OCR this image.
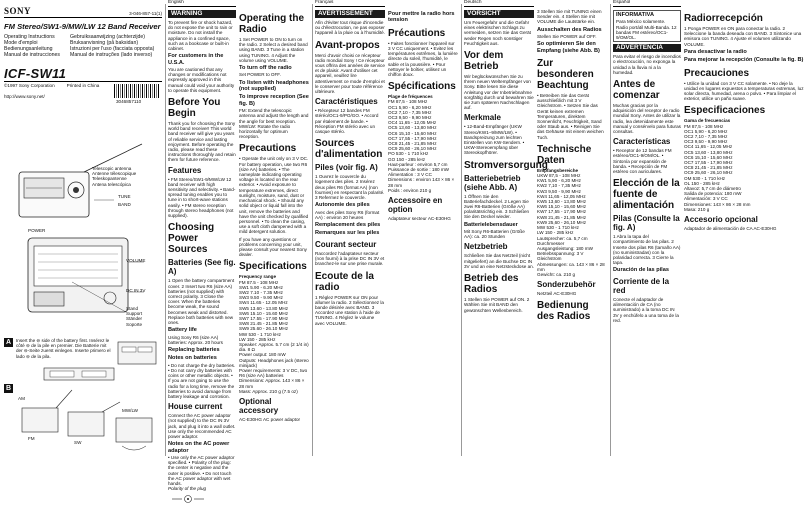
SONY	3-046-857-11(1)
FM Stereo/SW1-9/MW/LW 12 Band Receiver
Operating Instructions
Mode d'emploi
Bedienungsanleitung
Manual de instrucciones
Gebruiksaanwijzing (achterzijde)
Bruksanvisning (på baksidan)
Istruzioni per l'uso (facciata opposta)
Manual de instruções (lado inverso)
ICF-SW11
©1997 Sony Corporation	Printed in China
3046857110
http://www.sony.net/
Telescopic antenna
Antenne télescopique
Teleskopantenne
Antena telescópica
TUNE
BAND
POWER
VOLUME
DC IN 3V
Stand
Support
Ständer
Soporte
A	Insert the ⊖ side of the battery first. Insérez le côté ⊖ de la pile en premier. Die Batterie mit der ⊖-Seite zuerst einlegen. Inserte primero el lado ⊖ de la pila.
B
AM
FM
SW
MW/LW
English
WARNING
To prevent fire or shock hazard, do not expose the unit to rain or moisture. Do not install the appliance in a confined space, such as a bookcase or built-in cabinet.
For customers in the U.S.A.
You are cautioned that any changes or modifications not expressly approved in this manual could void your authority to operate this equipment.
Before You Begin
Thank you for choosing the Sony world band receiver! This world band receiver will give you years of reliable service and lasting enjoyment. Before operating the radio, please read these instructions thoroughly and retain them for future reference.
Features
• FM Stereo/SW1-9/MW/LW 12 band receiver with high sensitivity and selectivity. • Band-spread tuning enables you to tune in to short-wave stations easily. • FM stereo reception through stereo headphones (not supplied).
Choosing Power Sources
Batteries (See fig. A)
1 Open the battery compartment cover. 2 Insert two R6 (size AA) batteries (not supplied) with correct polarity. 3 Close the cover. When the batteries become weak, the sound becomes weak and distorted. Replace both batteries with new ones.
Battery life
Using Sony R6 (size AA) batteries: Approx. 20 hours
Replacing batteries
Notes on batteries
• Do not charge the dry batteries. • Do not carry dry batteries with coins or other metallic objects. • If you are not going to use the radio for a long time, remove the batteries to avoid damage from battery leakage and corrosion.
House current
Connect the AC power adaptor (not supplied) to the DC IN 3V jack, and plug it into a wall outlet. Use only the recommended AC power adaptor.
Notes on the AC power adaptor
• Use only the AC power adaptor specified. • Polarity of the plug: the center is negative and the outer is positive. • Do not touch the AC power adaptor with wet hands.
Polarity of the plug
Operating the Radio
1 Set POWER to ON to turn on the radio. 2 Select a desired band using BAND. 3 Tune in a station using TUNING. 4 Adjust the volume using VOLUME.
To turn off the radio
Set POWER to OFF.
To listen with headphones (not supplied)
To improve reception (See fig. B)
FM: Extend the telescopic antenna and adjust the length and the angle for best reception. MW/LW: Rotate the radio horizontally for optimum reception.
Precautions
• Operate the unit only on 3 V DC. For battery operation, use two R6 (size AA) batteries. • The nameplate indicating operating voltage is located on the rear exterior. • Avoid exposure to temperature extremes, direct sunlight, moisture, sand, dust or mechanical shock. • Should any solid object or liquid fall into the unit, remove the batteries and have the unit checked by qualified personnel. • To clean the casing, use a soft cloth dampened with a mild detergent solution.
If you have any questions or problems concerning your unit, please consult your nearest Sony dealer.
Specifications
Frequency range
FM 87.5 - 108 MHz
SW1 5.90 - 6.20 MHz
SW2 7.10 - 7.35 MHz
SW3 9.50 - 9.90 MHz
SW4 11.65 - 12.05 MHz
SW5 13.60 - 13.80 MHz
SW6 15.10 - 15.60 MHz
SW7 17.55 - 17.90 MHz
SW8 21.45 - 21.85 MHz
SW9 25.60 - 26.10 MHz
MW 530 - 1 710 kHz
LW 150 - 285 kHz
Speaker: Approx. 5.7 cm (2 1/4 in) dia. 8 Ω
Power output: 180 mW
Outputs: Headphones jack (stereo minijack)
Power requirements: 3 V DC, two R6 (size AA) batteries
Dimensions: Approx. 143 × 86 × 28 mm
Mass: Approx. 210 g (7.5 oz)
Optional accessory
AC-E30HG AC power adaptor
Français
AVERTISSEMENT
Afin d'éviter tout risque d'incendie ou d'électrocution, ne pas exposer l'appareil à la pluie ou à l'humidité.
Avant-propos
Merci d'avoir choisi ce récepteur radio mondial Sony ! Ce récepteur vous offrira des années de service et de plaisir. Avant d'utiliser cet appareil, veuillez lire attentivement ce mode d'emploi et le conserver pour toute référence ultérieure.
Caractéristiques
• Récepteur 12 bandes FM stéréo/OC1-9/PO/GO. • Accord par étalement de bande. • Réception FM stéréo avec un casque stéréo.
Sources d'alimentation
Piles (voir fig. A)
1 Ouvrez le couvercle du logement des piles. 2 Insérez deux piles R6 (format AA) (non fournies) en respectant la polarité. 3 Refermez le couvercle.
Autonomie des piles
Avec des piles Sony R6 (format AA) : environ 20 heures
Remplacement des piles
Remarques sur les piles
Courant secteur
Raccordez l'adaptateur secteur (non fourni) à la prise DC IN 3V et branchez-le sur une prise murale.
Ecoute de la radio
1 Réglez POWER sur ON pour allumer la radio. 2 Sélectionnez la bande désirée avec BAND. 3 Accordez une station à l'aide de TUNING. 4 Réglez le volume avec VOLUME.
Pour mettre la radio hors tension
Précautions
• Faites fonctionner l'appareil sur 3 V CC uniquement. • Evitez les températures extrêmes, la lumière directe du soleil, l'humidité, le sable et la poussière. • Pour nettoyer le boîtier, utilisez un chiffon doux.
Spécifications
Plage de fréquences
FM 87,5 - 108 MHz
OC1 5,90 - 6,20 MHz
OC2 7,10 - 7,35 MHz
OC3 9,50 - 9,90 MHz
OC4 11,65 - 12,05 MHz
OC5 13,60 - 13,80 MHz
OC6 15,10 - 15,60 MHz
OC7 17,55 - 17,90 MHz
OC8 21,45 - 21,85 MHz
OC9 25,60 - 26,10 MHz
PO 530 - 1 710 kHz
GO 150 - 285 kHz
Haut-parleur : environ 5,7 cm
Puissance de sortie : 180 mW
Alimentation : 3 V CC
Dimensions : environ 143 × 86 × 28 mm
Poids : environ 210 g
Accessoire en option
Adaptateur secteur AC-E30HG
Deutsch
VORSICHT
Um Feuergefahr und die Gefahr eines elektrischen Schlags zu vermeiden, setzen Sie das Gerät weder Regen noch sonstiger Feuchtigkeit aus.
Vor dem Betrieb
Wir beglückwünschen Sie zu Ihrem neuen Weltempfänger von Sony. Bitte lesen Sie diese Anleitung vor der Inbetriebnahme sorgfältig durch und bewahren Sie sie zum späteren Nachschlagen auf.
Merkmale
• 12-Band-Empfänger (UKW Stereo/KW1–9/MW/LW). • Bandspreizung zum leichten Einstellen von KW-Sendern. • UKW-Stereoempfang über Stereokopfhörer.
Stromversorgung
Batteriebetrieb (siehe Abb. A)
1 Öffnen Sie den Batteriefachdeckel. 2 Legen Sie zwei R6-Batterien (Größe AA) polaritätsrichtig ein. 3 Schließen Sie den Deckel wieder.
Batterielebensdauer
Mit Sony R6-Batterien (Größe AA): ca. 20 Stunden
Netzbetrieb
Schließen Sie das Netzteil (nicht mitgeliefert) an die Buchse DC IN 3V und an eine Netzsteckdose an.
Betrieb des Radios
1 Stellen Sie POWER auf ON. 2 Wählen Sie mit BAND den gewünschten Wellenbereich.
3 Stellen Sie mit TUNING einen Sender ein. 4 Stellen Sie mit VOLUME die Lautstärke ein.
Ausschalten des Radios
Stellen Sie POWER auf OFF.
So optimieren Sie den Empfang (siehe Abb. B)
Zur besonderen Beachtung
• Betreiben Sie das Gerät ausschließlich mit 3 V Gleichstrom. • Setzen Sie das Gerät keinen extremen Temperaturen, direktem Sonnenlicht, Feuchtigkeit, Sand oder Staub aus. • Reinigen Sie das Gehäuse mit einem weichen Tuch.
Technische Daten
Empfangsbereiche
UKW 87,5 - 108 MHz
KW1 5,90 - 6,20 MHz
KW2 7,10 - 7,35 MHz
KW3 9,50 - 9,90 MHz
KW4 11,65 - 12,05 MHz
KW5 13,60 - 13,80 MHz
KW6 15,10 - 15,60 MHz
KW7 17,55 - 17,90 MHz
KW8 21,45 - 21,85 MHz
KW9 25,60 - 26,10 MHz
MW 530 - 1 710 kHz
LW 150 - 285 kHz
Lautsprecher: ca. 5,7 cm Durchmesser
Ausgangsleistung: 180 mW
Betriebsspannung: 3 V Gleichstrom
Abmessungen: ca. 143 × 86 × 28 mm
Gewicht: ca. 210 g
Sonderzubehör
Netzteil AC-E30HG
Bedienung des Radios
Español
INFORMATIVA
Para México solamente. Radio portátil Multi-Banda. 12 bandas FM estéreo/OC1-9/OM/OL.
ADVERTENCIA
Para evitar el riesgo de incendios o electrocución, no exponga la unidad a la lluvia ni a la humedad.
Antes de comenzar
Muchas gracias por la adquisición del receptor de radio mundial Sony. Antes de utilizar la radio, lea detenidamente este manual y consérvelo para futuras consultas.
Características
• Receptor de 12 bandas FM estéreo/OC1-9/OM/OL. • Sintonía por expansión de banda. • Recepción de FM estéreo con auriculares.
Elección de la fuente de alimentación
Pilas (Consulte la fig. A)
1 Abra la tapa del compartimiento de las pilas. 2 Inserte dos pilas R6 (tamaño AA) (no suministradas) con la polaridad correcta. 3 Cierre la tapa.
Duración de las pilas
Corriente de la red
Conecte el adaptador de alimentación de CA (no suministrado) a la toma DC IN 3V y enchúfelo a una toma de la red.
Radiorrecepción
1 Ponga POWER en ON para conectar la radio. 2 Seleccione la banda deseada con BAND. 3 Sintonice una emisora con TUNING. 4 Ajuste el volumen utilizando VOLUME.
Para desactivar la radio
Para mejorar la recepción (Consulte la fig. B)
Precauciones
• Utilice la unidad con 3 V CC solamente. • No deje la unidad en lugares expuestos a temperaturas extremas, luz solar directa, humedad, arena o polvo. • Para limpiar el exterior, utilice un paño suave.
Especificaciones
Gama de frecuencias
FM 87,5 - 108 MHz
OC1 5,90 - 6,20 MHz
OC2 7,10 - 7,35 MHz
OC3 9,50 - 9,90 MHz
OC4 11,65 - 12,05 MHz
OC5 13,60 - 13,80 MHz
OC6 15,10 - 15,60 MHz
OC7 17,55 - 17,90 MHz
OC8 21,45 - 21,85 MHz
OC9 25,60 - 26,10 MHz
OM 530 - 1 710 kHz
OL 150 - 285 kHz
Altavoz: 5,7 cm de diámetro
Salida de potencia: 180 mW
Alimentación: 3 V CC
Dimensiones: 143 × 86 × 28 mm
Masa: 210 g
Accesorio opcional
Adaptador de alimentación de CA AC-E30HG
